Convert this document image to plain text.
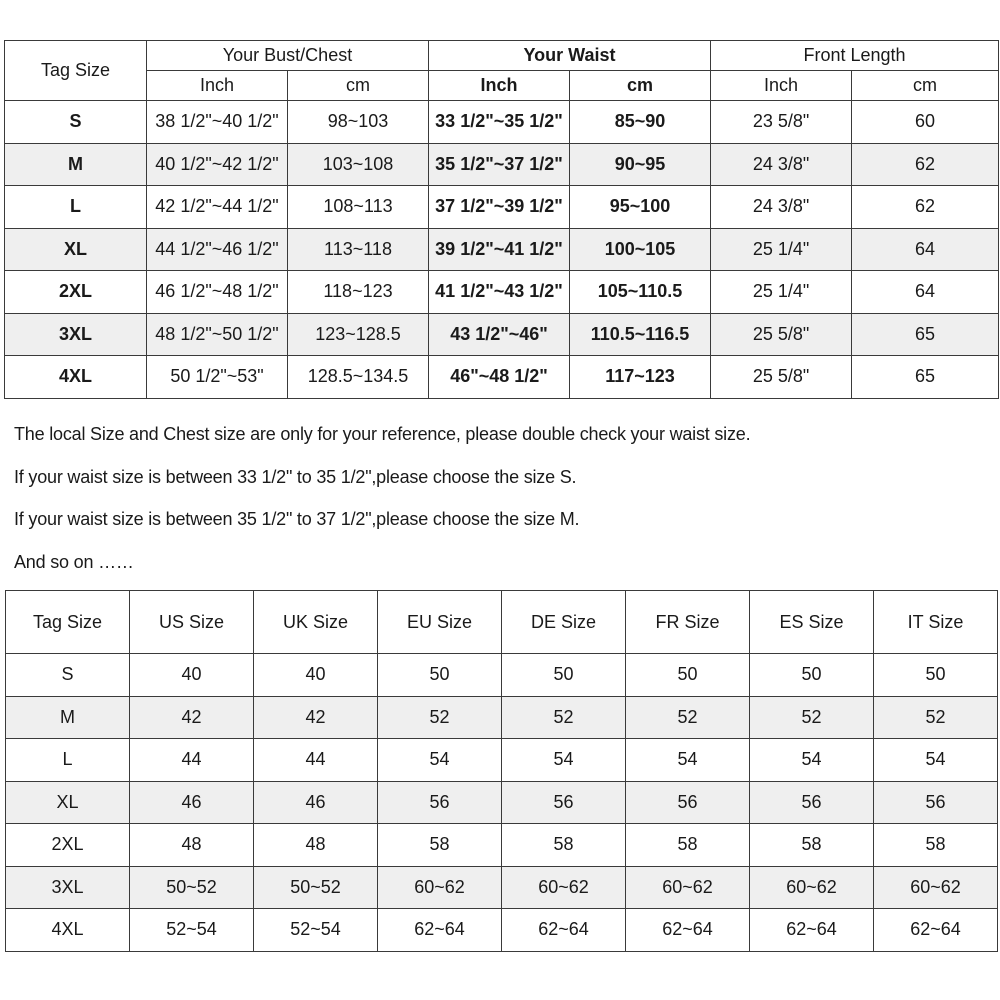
Tag Size	Your Bust/Chest		Your Waist		Front Length	
	Inch	cm	Inch	cm	Inch	cm
S	38 1/2"~40 1/2"	98~103	33 1/2"~35 1/2"	85~90	23 5/8"	60
M	40 1/2"~42 1/2"	103~108	35 1/2"~37 1/2"	90~95	24 3/8"	62
L	42 1/2"~44 1/2"	108~113	37 1/2"~39 1/2"	95~100	24 3/8"	62
XL	44 1/2"~46 1/2"	113~118	39 1/2"~41 1/2"	100~105	25 1/4"	64
2XL	46 1/2"~48 1/2"	118~123	41 1/2"~43 1/2"	105~110.5	25 1/4"	64
3XL	48 1/2"~50 1/2"	123~128.5	43 1/2"~46"	110.5~116.5	25 5/8"	65
4XL	50 1/2"~53"	128.5~134.5	46"~48 1/2"	117~123	25 5/8"	65

The local Size and Chest size are only for your reference, please double check your waist size.

If your waist size is between 33 1/2" to 35 1/2",please choose the size S.

If your waist size is between 35 1/2" to 37 1/2",please choose the size M.

And so on ……

Tag Size	US Size	UK Size	EU Size	DE Size	FR Size	ES Size	IT Size
S	40	40	50	50	50	50	50
M	42	42	52	52	52	52	52
L	44	44	54	54	54	54	54
XL	46	46	56	56	56	56	56
2XL	48	48	58	58	58	58	58
3XL	50~52	50~52	60~62	60~62	60~62	60~62	60~62
4XL	52~54	52~54	62~64	62~64	62~64	62~64	62~64
